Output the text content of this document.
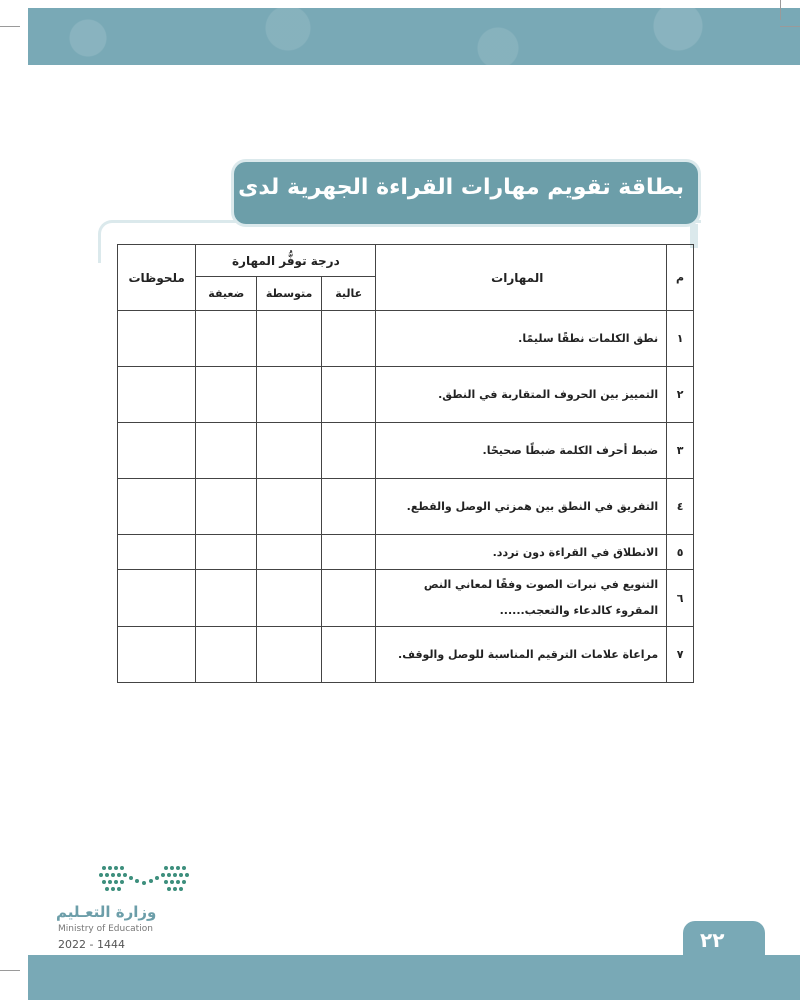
بطاقة تقويم مهارات القراءة الجهرية لدى المتعلم
م	المهارات	درجة توفُّر المهارة			ملحوظات
		عالية	متوسطة	ضعيفة	
١	نطق الكلمات نطقًا سليمًا.				
٢	التمييز بين الحروف المتقاربة في النطق.				
٣	ضبط أحرف الكلمة ضبطًا صحيحًا.				
٤	التفريق في النطق بين همزتي الوصل والقطع.				
٥	الانطلاق في القراءة دون تردد.				
٦	التنويع في نبرات الصوت وفقًا لمعاني النص المقروء كالدعاء والتعجب......				
٧	مراعاة علامات الترقيم المناسبة للوصل والوقف.				
وزارة التعـليم
Ministry of Education
2022 - 1444	٢٢
